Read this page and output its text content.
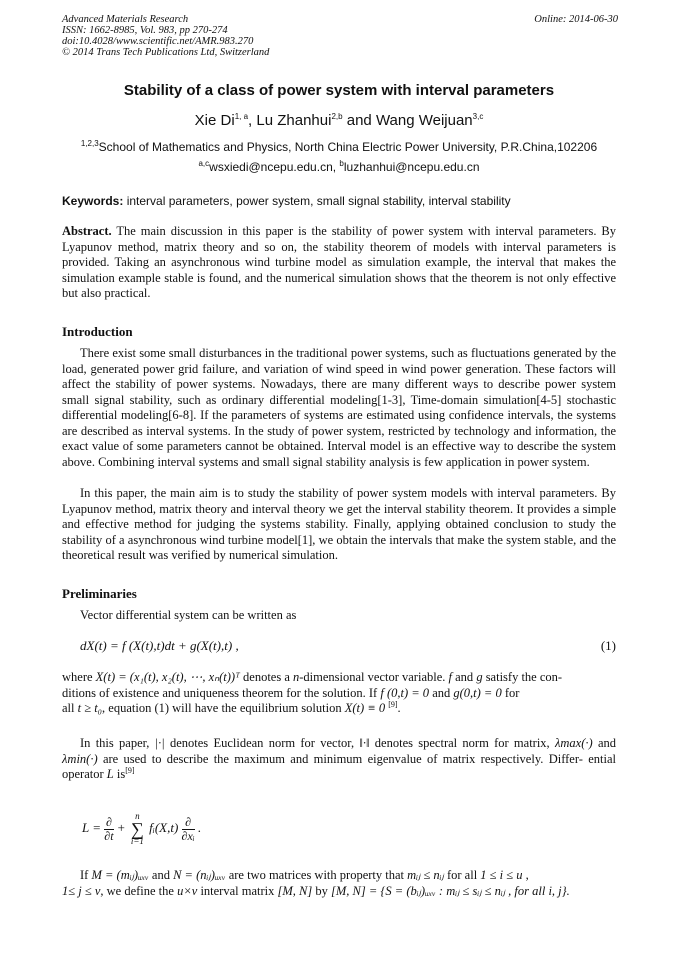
Advanced Materials Research
ISSN: 1662-8985, Vol. 983, pp 270-274
doi:10.4028/www.scientific.net/AMR.983.270
© 2014 Trans Tech Publications Ltd, Switzerland
Online: 2014-06-30
Stability of a class of power system with interval parameters
Xie Di$^{1, a}$, Lu Zhanhui$^{2,b}$ and Wang Weijuan$^{3,c}$
$^{1,2,3}$School of Mathematics and Physics, North China Electric Power University, P.R.China,102206
$^{a,c}$wsxiedi@ncepu.edu.cn, $^b$luzhanhui@ncepu.edu.cn
Keywords: interval parameters, power system, small signal stability, interval stability
Abstract. The main discussion in this paper is the stability of power system with interval parameters. By Lyapunov method, matrix theory and so on, the stability theorem of models with interval parameters is provided. Taking an asynchronous wind turbine model as simulation example, the interval that makes the simulation example stable is found, and the numerical simulation shows that the theorem is not only effective but also practical.
Introduction
There exist some small disturbances in the traditional power systems, such as fluctuations generated by the load, generated power grid failure, and variation of wind speed in wind power generation. These factors will affect the stability of power systems. Nowadays, there are many different ways to describe power system small signal stability, such as ordinary differential modeling[1-3], Time-domain simulation[4-5] stochastic differential modeling[6-8]. If the parameters of systems are estimated using confidence intervals, the systems are described as interval systems. In the study of power system, restricted by technology and information, the exact value of some parameters cannot be obtained. Interval model is an effective way to describe the system above. Combining interval systems and small signal stability analysis is few application in power system.
In this paper, the main aim is to study the stability of power system models with interval parameters. By Lyapunov method, matrix theory and interval theory we get the interval stability theorem. It provides a simple and effective method for judging the systems stability. Finally, applying obtained conclusion to study the stability of a asynchronous wind turbine model[1], we obtain the intervals that make the system stable, and the theoretical result was verified by numerical simulation.
Preliminaries
Vector differential system can be written as
dX(t) = f (X(t),t)dt + g(X(t),t) ,	(1)
where X(t) = (x₁(t), x₂(t), ⋯, xₙ(t))ᵀ denotes a n-dimensional vector variable. f and g satisfy the con-
ditions of existence and uniqueness theorem for the solution. If f (0,t) = 0 and g(0,t) = 0 for
all t ≥ t₀, equation (1) will have the equilibrium solution X(t) ≡ 0 [9].
In this paper, |·| denotes Euclidean norm for vector, ‖·‖ denotes spectral norm for matrix, λmax(·) and λmin(·) are used to describe the maximum and minimum eigenvalue of matrix respectively. Differ- ential operator L is[9]
$L = \frac{\partial}{\partial t} + n$
∑
i=1 fᵢ(X,t) $\frac{\partial}{\text{∂xᵢ}}$ .
If M = (mᵢⱼ)ᵤₓᵥ and N = (nᵢⱼ)ᵤₓᵥ are two matrices with property that mᵢⱼ ≤ nᵢⱼ for all 1 ≤ i ≤ u ,
1≤ j ≤ v, we define the u×v interval matrix [M, N] by [M, N] = {S = (bᵢⱼ)ᵤₓᵥ : mᵢⱼ ≤ sᵢⱼ ≤ nᵢⱼ , for all i, j}.
